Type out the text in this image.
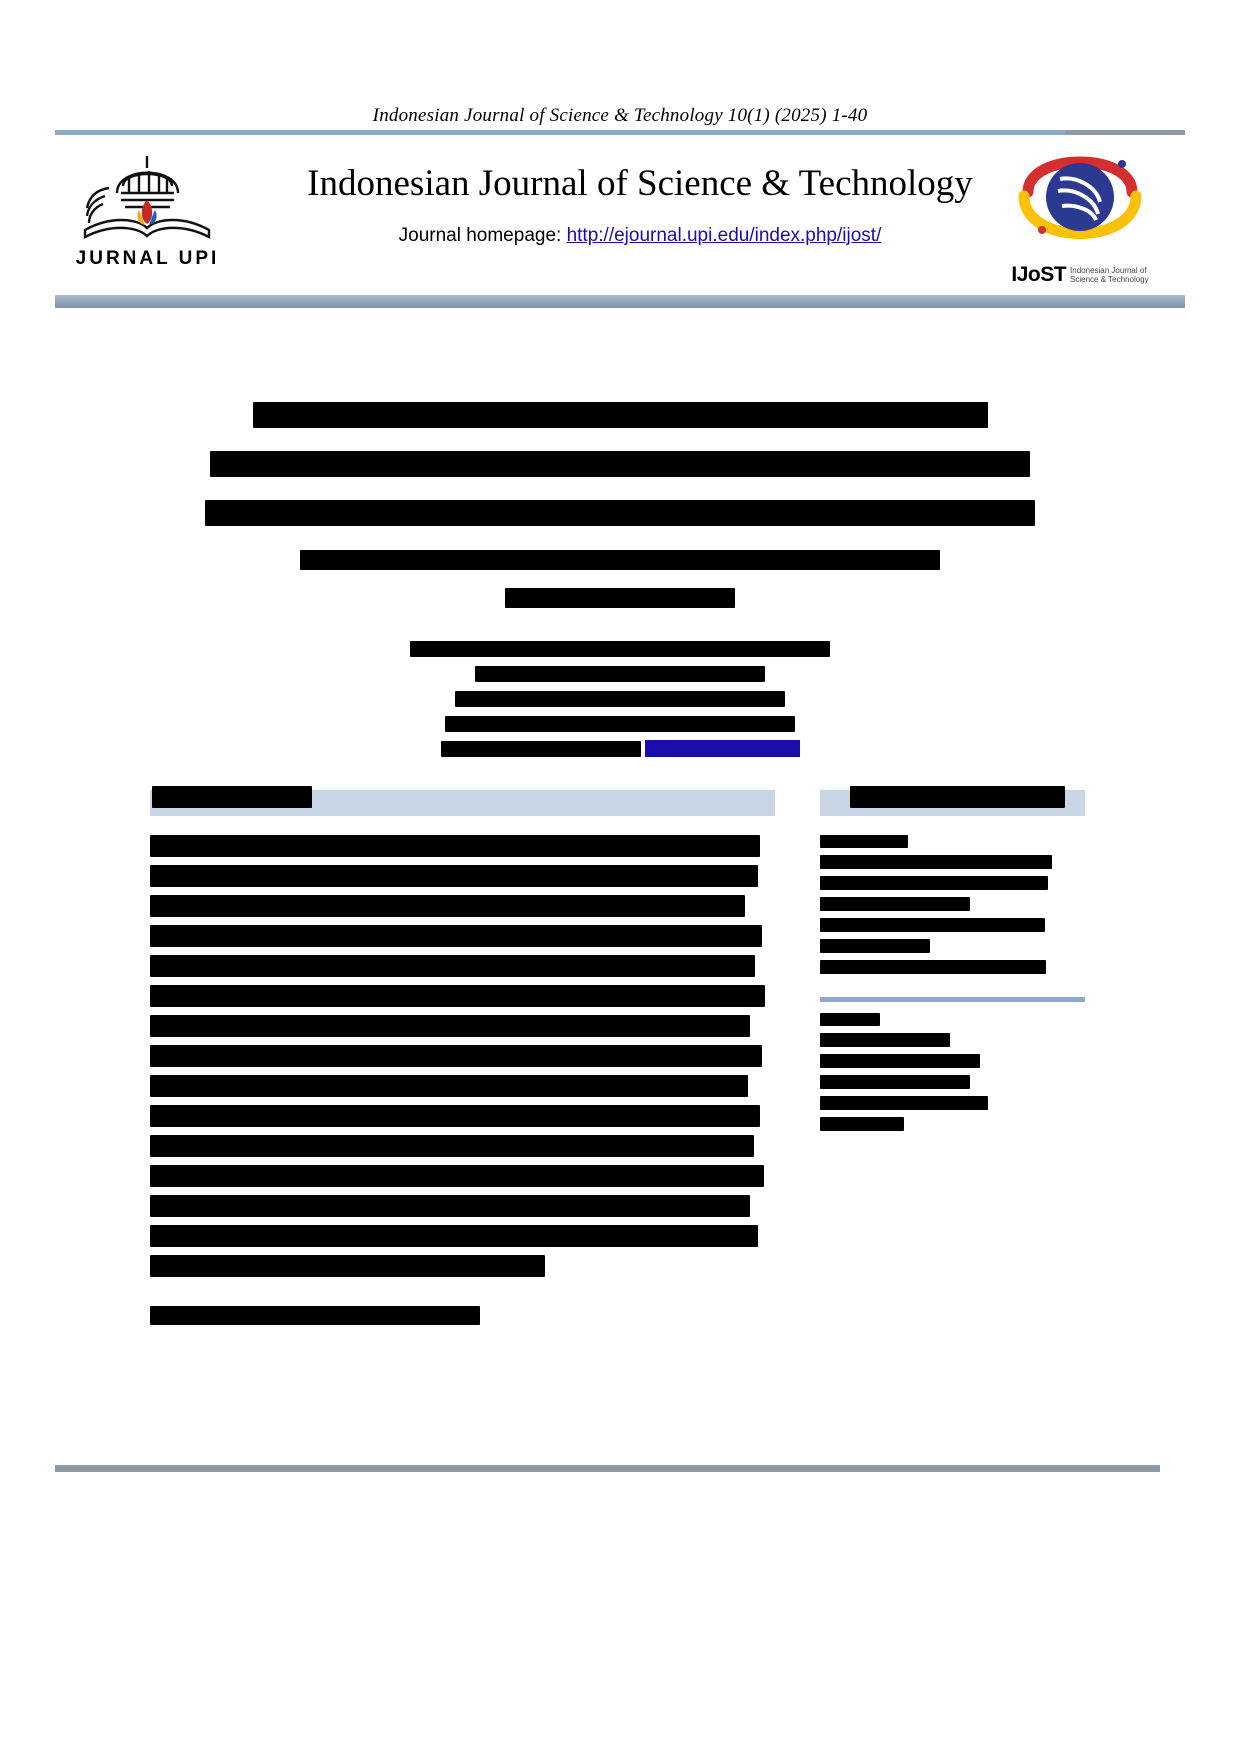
Indonesian Journal of Science & Technology 10(1) (2025) 1-40
JURNAL UPI
Indonesian Journal of Science & Technology
Journal homepage: http://ejournal.upi.edu/index.php/ijost/
IJoST Indonesian Journal of
Science & Technology
